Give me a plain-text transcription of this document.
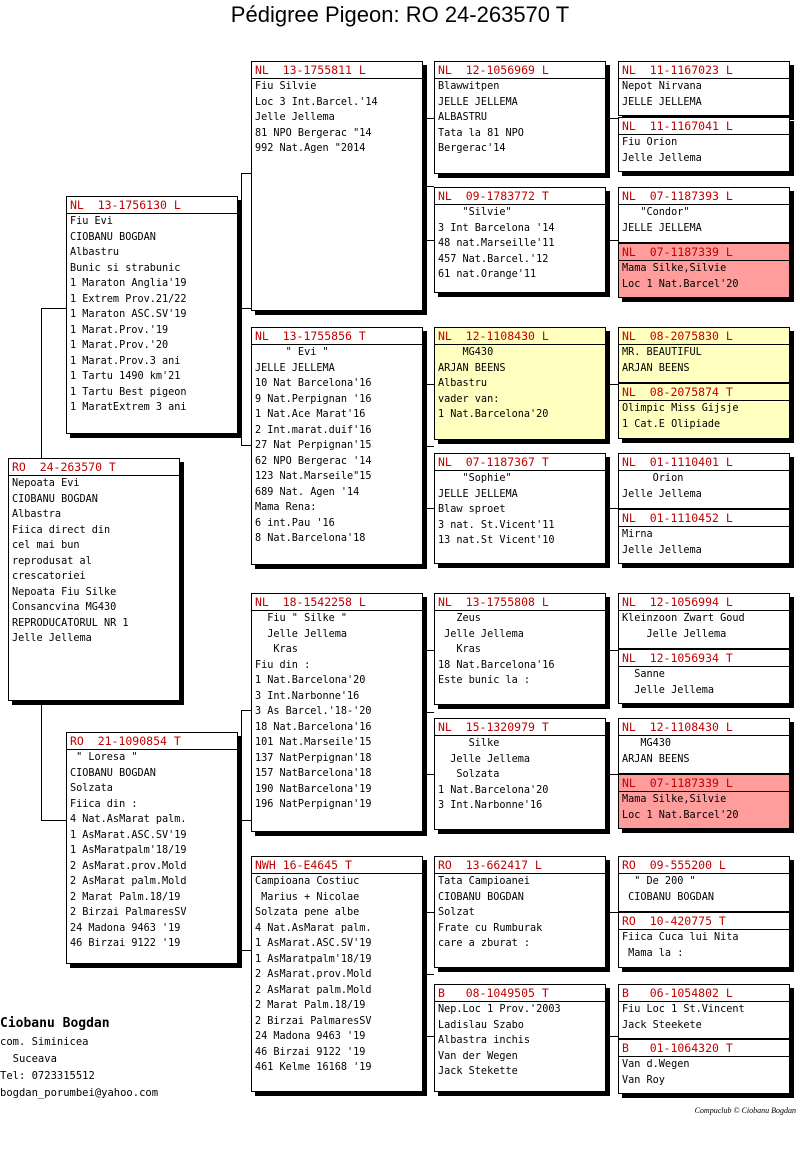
Pédigree Pigeon: RO 24-263570 T
RO  24-263570 T
Nepoata Evi
CIOBANU BOGDAN
Albastra
Fiica direct din
cel mai bun
reprodusat al
crescatoriei
Nepoata Fiu Silke
Consancvina MG430
REPRODUCATORUL NR 1
Jelle Jellema
NL  13-1756130 L
Fiu Evi
CIOBANU BOGDAN
Albastru
Bunic si strabunic
1 Maraton Anglia'19
1 Extrem Prov.21/22
1 Maraton ASC.SV'19
1 Marat.Prov.'19
1 Marat.Prov.'20
1 Marat.Prov.3 ani
1 Tartu 1490 km'21
1 Tartu Best pigeon
1 MaratExtrem 3 ani
RO  21-1090854 T
" Loresa "
CIOBANU BOGDAN
Solzata
Fiica din :
4 Nat.AsMarat palm.
1 AsMarat.ASC.SV'19
1 AsMaratpalm'18/19
2 AsMarat.prov.Mold
2 AsMarat palm.Mold
2 Marat Palm.18/19
2 Birzai PalmaresSV
24 Madona 9463 '19
46 Birzai 9122 '19
NL  13-1755811 L
Fiu Silvie
Loc 3 Int.Barcel.'14
Jelle Jellema
81 NPO Bergerac "14
992 Nat.Agen "2014
NL  13-1755856 T
" Evi "
JELLE JELLEMA
10 Nat Barcelona'16
9 Nat.Perpignan '16
1 Nat.Ace Marat'16
2 Int.marat.duif'16
27 Nat Perpignan'15
62 NPO Bergerac '14
123 Nat.Marseile"15
689 Nat. Agen '14
Mama Rena:
6 int.Pau '16
8 Nat.Barcelona'18
NL  18-1542258 L
Fiu " Silke "
Jelle Jellema
Kras
Fiu din :
1 Nat.Barcelona'20
3 Int.Narbonne'16
3 As Barcel.'18-'20
18 Nat.Barcelona'16
101 Nat.Marseile'15
137 NatPerpignan'18
157 NatBarcelona'18
190 NatBarcelona'19
196 NatPerpignan'19
NWH 16-E4645 T
Campioana Costiuc
Marius + Nicolae
Solzata pene albe
4 Nat.AsMarat palm.
1 AsMarat.ASC.SV'19
1 AsMaratpalm'18/19
2 AsMarat.prov.Mold
2 AsMarat palm.Mold
2 Marat Palm.18/19
2 Birzai PalmaresSV
24 Madona 9463 '19
46 Birzai 9122 '19
461 Kelme 16168 '19
NL  12-1056969 L
Blawwitpen
JELLE JELLEMA
ALBASTRU
Tata la 81 NPO
Bergerac'14
NL  09-1783772 T
"Silvie"
3 Int Barcelona '14
48 nat.Marseille'11
457 Nat.Barcel.'12
61 nat.Orange'11
NL  12-1108430 L
MG430
ARJAN BEENS
Albastru
vader van:
1 Nat.Barcelona'20
NL  07-1187367 T
"Sophie"
JELLE JELLEMA
Blaw sproet
3 nat. St.Vicent'11
13 nat.St Vicent'10
NL  13-1755808 L
Zeus
Jelle Jellema
Kras
18 Nat.Barcelona'16
Este bunic la :
NL  15-1320979 T
Silke
Jelle Jellema
Solzata
1 Nat.Barcelona'20
3 Int.Narbonne'16
RO  13-662417 L
Tata Campioanei
CIOBANU BOGDAN
Solzat
Frate cu Rumburak
care a zburat :
B   08-1049505 T
Nep.Loc 1 Prov.'2003
Ladislau Szabo
Albastra inchis
Van der Wegen
Jack Stekette
NL  11-1167023 L
Nepot Nirvana
JELLE JELLEMA
NL  11-1167041 L
Fiu Orion
Jelle Jellema
NL  07-1187393 L
"Condor"
JELLE JELLEMA
NL  07-1187339 L
Mama Silke,Silvie
Loc 1 Nat.Barcel'20
NL  08-2075830 L
MR. BEAUTIFUL
ARJAN BEENS
NL  08-2075874 T
Olimpic Miss Gijsje
1 Cat.E Olipiade
NL  01-1110401 L
Orion
Jelle Jellema
NL  01-1110452 L
Mirna
Jelle Jellema
NL  12-1056994 L
Kleinzoon Zwart Goud
Jelle Jellema
NL  12-1056934 T
Sanne
Jelle Jellema
NL  12-1108430 L
MG430
ARJAN BEENS
NL  07-1187339 L
Mama Silke,Silvie
Loc 1 Nat.Barcel'20
RO  09-555200 L
" De 200 "
CIOBANU BOGDAN
RO  10-420775 T
Fiica Cuca lui Nita
Mama la :
B   06-1054802 L
Fiu Loc 1 St.Vincent
Jack Steekete
B   01-1064320 T
Van d.Wegen
Van Roy
Ciobanu Bogdan
com. Siminicea
Suceava
Tel: 0723315512
bogdan_porumbei@yahoo.com
Compuclub © Ciobanu Bogdan
